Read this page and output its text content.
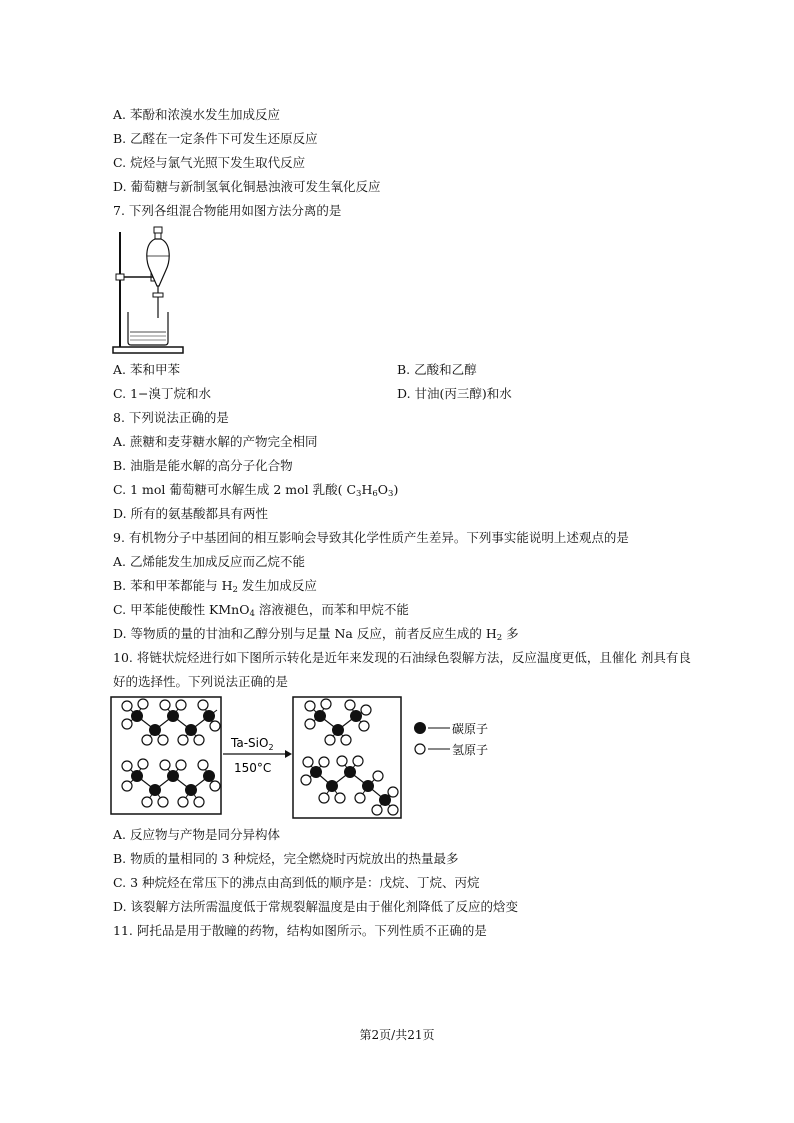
A. 苯酚和浓溴水发生加成反应
B. 乙醛在一定条件下可发生还原反应
C. 烷烃与氯气光照下发生取代反应
D. 葡萄糖与新制氢氧化铜悬浊液可发生氧化反应
7. 下列各组混合物能用如图方法分离的是
A. 苯和甲苯	B. 乙酸和乙醇
C. 1−溴丁烷和水	D. 甘油(丙三醇)和水
8. 下列说法正确的是
A. 蔗糖和麦芽糖水解的产物完全相同
B. 油脂是能水解的高分子化合物
C. 1 mol 葡萄糖可水解生成 2 mol 乳酸( $C_3H_6O_3$)
D. 所有的氨基酸都具有两性
9. 有机物分子中基团间的相互影响会导致其化学性质产生差异。下列事实能说明上述观点的是
A. 乙烯能发生加成反应而乙烷不能
B. 苯和甲苯都能与 $H_2$ 发生加成反应
C. 甲苯能使酸性 KMnO$_4$ 溶液褪色，而苯和甲烷不能
D. 等物质的量的甘油和乙醇分别与足量 Na 反应，前者反应生成的 $H_2$ 多
10. 将链状烷烃进行如下图所示转化是近年来发现的石油绿色裂解方法，反应温度更低，且催化 剂具有良
好的选择性。下列说法正确的是
Ta-SiO$_2$
150°C
碳原子
氢原子
A. 反应物与产物是同分异构体
B. 物质的量相同的 3 种烷烃，完全燃烧时丙烷放出的热量最多
C. 3 种烷烃在常压下的沸点由高到低的顺序是：戊烷、丁烷、丙烷
D. 该裂解方法所需温度低于常规裂解温度是由于催化剂降低了反应的焓变
11. 阿托品是用于散瞳的药物，结构如图所示。下列性质不正确的是
第2页/共21页
